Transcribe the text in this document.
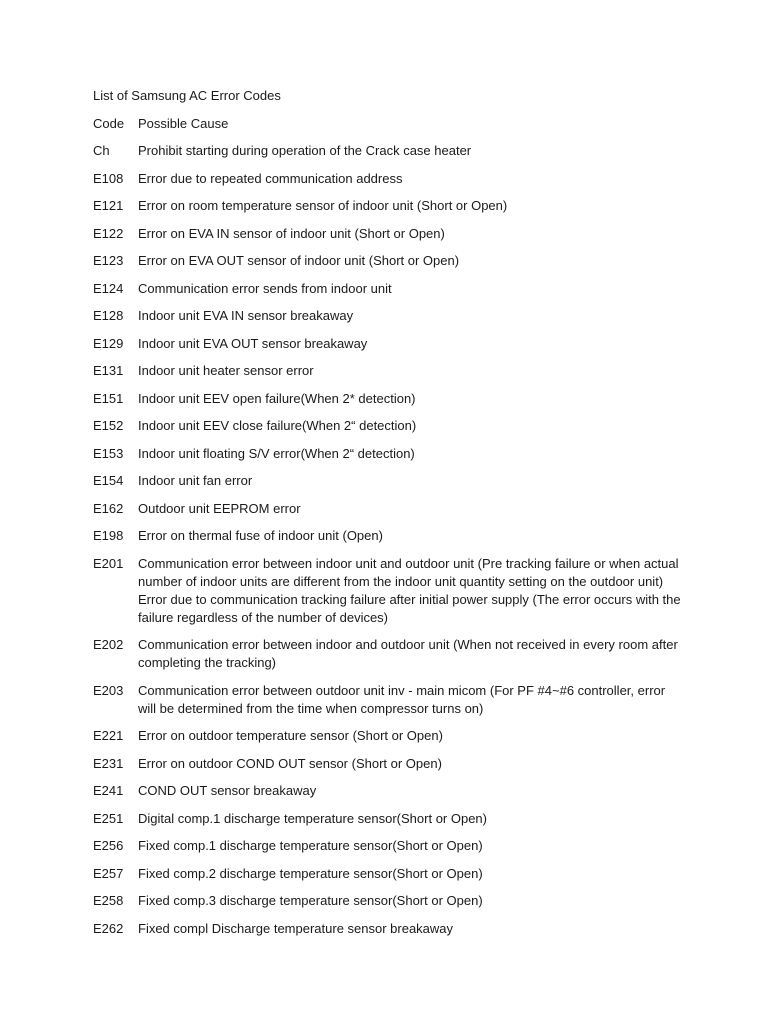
List of Samsung AC Error Codes
Code Possible Cause
Ch Prohibit starting during operation of the Crack case heater
E108 Error due to repeated communication address
E121 Error on room temperature sensor of indoor unit (Short or Open)
E122 Error on EVA IN sensor of indoor unit (Short or Open)
E123 Error on EVA OUT sensor of indoor unit (Short or Open)
E124 Communication error sends from indoor unit
E128 Indoor unit EVA IN sensor breakaway
E129 Indoor unit EVA OUT sensor breakaway
E131 Indoor unit heater sensor error
E151 Indoor unit EEV open failure(When 2* detection)
E152 Indoor unit EEV close failure(When 2“ detection)
E153 Indoor unit floating S/V error(When 2“ detection)
E154 Indoor unit fan error
E162 Outdoor unit EEPROM error
E198 Error on thermal fuse of indoor unit (Open)
E201 Communication error between indoor unit and outdoor unit (Pre tracking failure or when actual number of indoor units are different from the indoor unit quantity setting on the outdoor unit) Error due to communication tracking failure after initial power supply (The error occurs with the failure regardless of the number of devices)
E202 Communication error between indoor and outdoor unit (When not received in every room after completing the tracking)
E203 Communication error between outdoor unit inv - main micom (For PF #4~#6 controller, error will be determined from the time when compressor turns on)
E221 Error on outdoor temperature sensor (Short or Open)
E231 Error on outdoor COND OUT sensor (Short or Open)
E241 COND OUT sensor breakaway
E251 Digital comp.1 discharge temperature sensor(Short or Open)
E256 Fixed comp.1 discharge temperature sensor(Short or Open)
E257 Fixed comp.2 discharge temperature sensor(Short or Open)
E258 Fixed comp.3 discharge temperature sensor(Short or Open)
E262 Fixed compl Discharge temperature sensor breakaway
